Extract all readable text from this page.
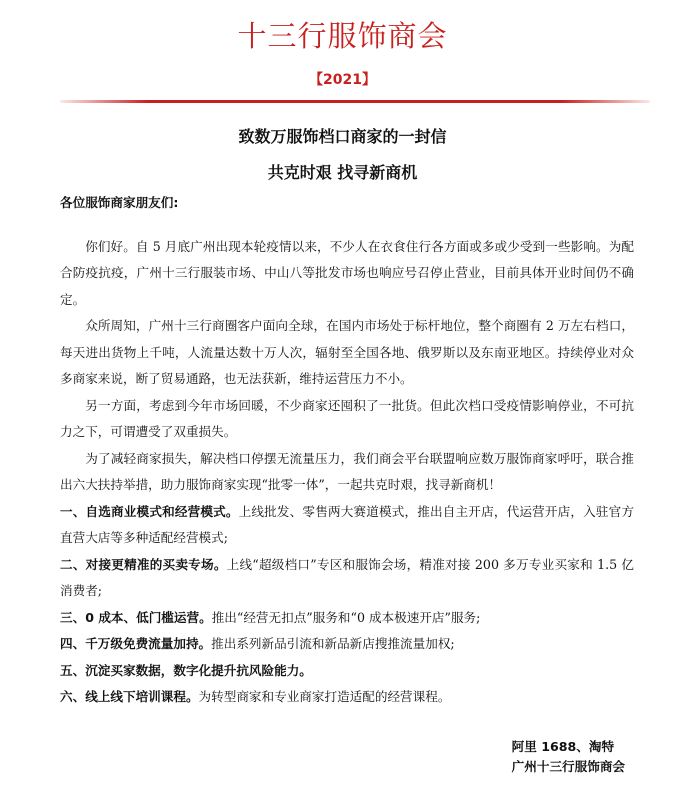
十三行服饰商会
【2021】
致数万服饰档口商家的一封信
共克时艰 找寻新商机
各位服饰商家朋友们:
你们好。自 5 月底广州出现本轮疫情以来，不少人在衣食住行各方面或多或少受到一些影响。为配合防疫抗疫，广州十三行服装市场、中山八等批发市场也响应号召停止营业，目前具体开业时间仍不确定。
众所周知，广州十三行商圈客户面向全球，在国内市场处于标杆地位，整个商圈有 2 万左右档口，每天进出货物上千吨，人流量达数十万人次，辐射至全国各地、俄罗斯以及东南亚地区。持续停业对众多商家来说，断了贸易通路，也无法获新，维持运营压力不小。
另一方面，考虑到今年市场回暖，不少商家还囤积了一批货。但此次档口受疫情影响停业，不可抗力之下，可谓遭受了双重损失。
为了减轻商家损失，解决档口停摆无流量压力，我们商会平台联盟响应数万服饰商家呼吁，联合推出六大扶持举措，助力服饰商家实现“批零一体”，一起共克时艰，找寻新商机！
一、自选商业模式和经营模式。上线批发、零售两大赛道模式，推出自主开店，代运营开店，入驻官方直营大店等多种适配经营模式;
二、对接更精准的买卖专场。上线“超级档口”专区和服饰会场，精准对接 200 多万专业买家和 1.5 亿消费者;
三、0 成本、低门槛运营。推出“经营无扣点”服务和“0 成本极速开店”服务;
四、千万级免费流量加持。推出系列新品引流和新品新店搜推流量加权;
五、沉淀买家数据，数字化提升抗风险能力。
六、线上线下培训课程。为转型商家和专业商家打造适配的经营课程。
阿里 1688、淘特
广州十三行服饰商会
